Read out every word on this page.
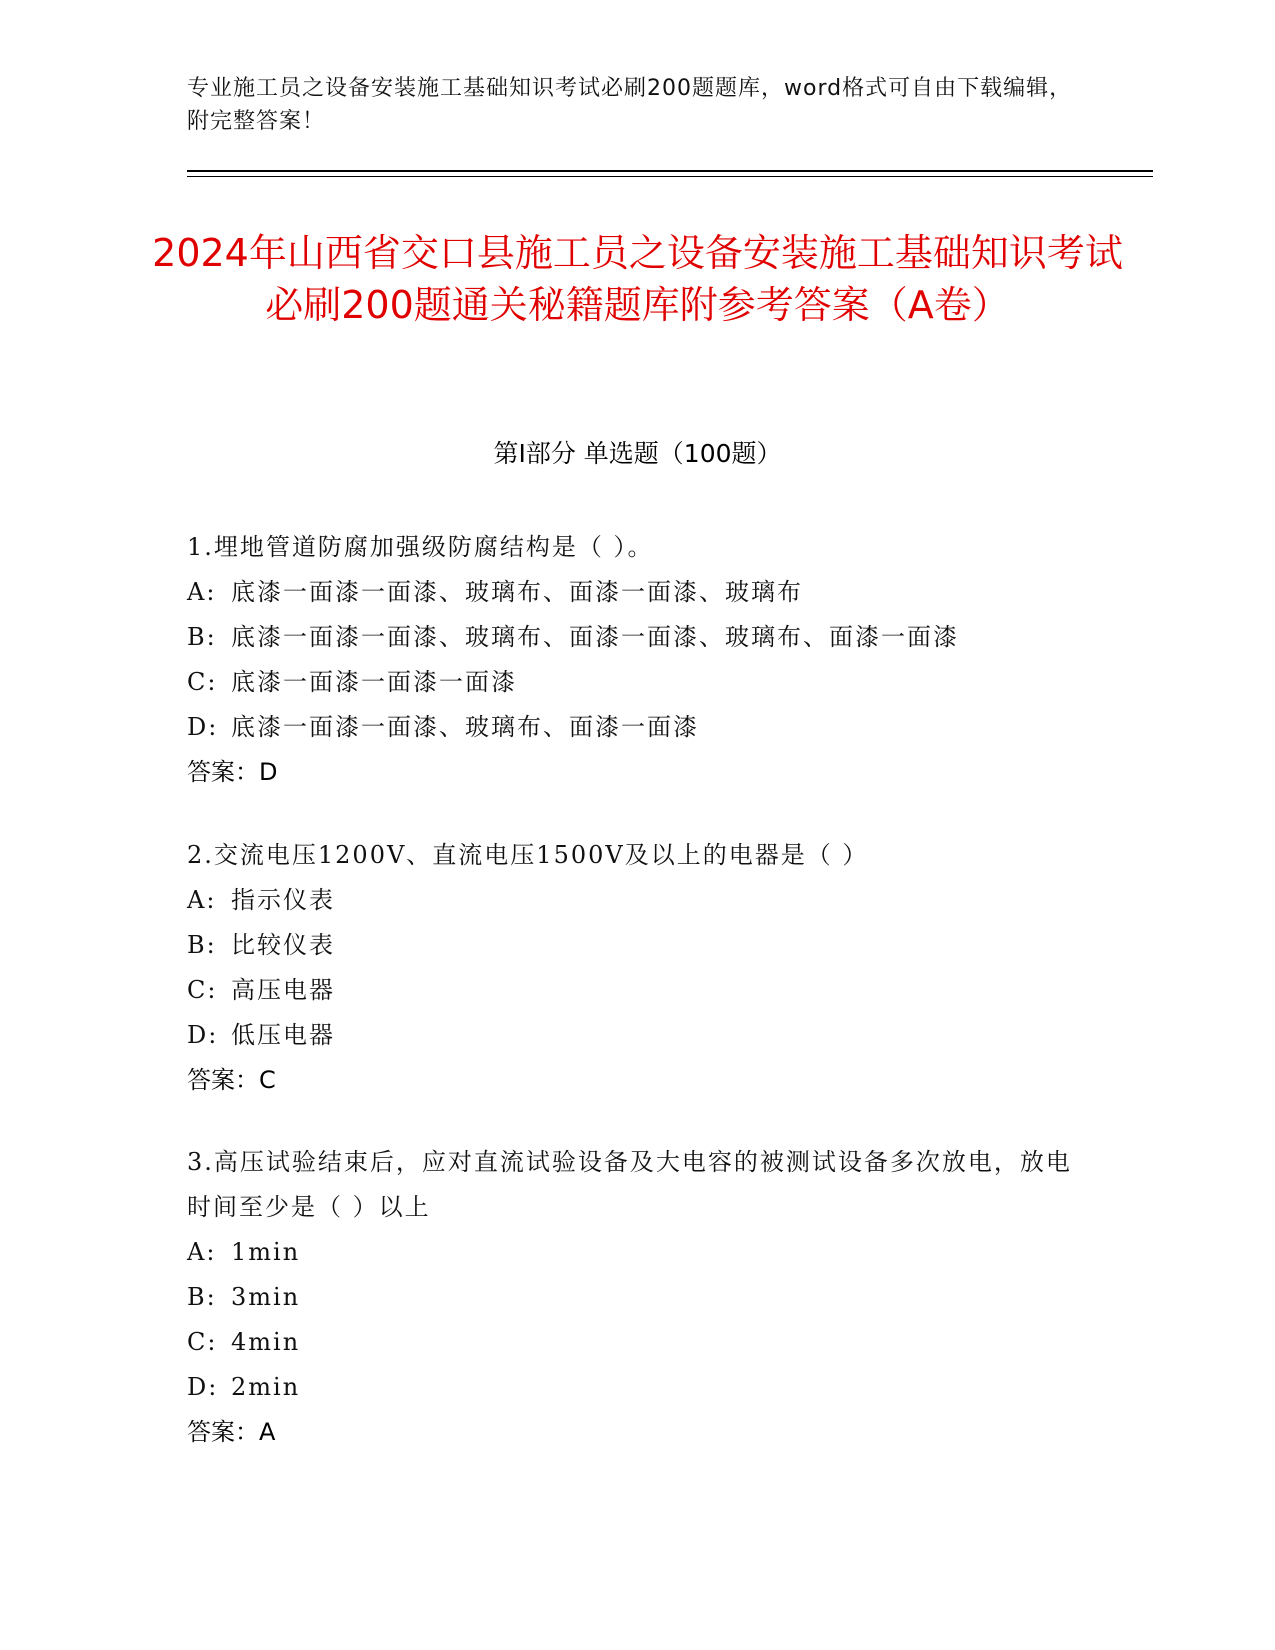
专业施工员之设备安装施工基础知识考试必刷200题题库，word格式可自由下载编辑，附完整答案！
2024年山西省交口县施工员之设备安装施工基础知识考试必刷200题通关秘籍题库附参考答案（A卷）
第Ⅰ部分 单选题（100题）
1.埋地管道防腐加强级防腐结构是（ ）。
A: 底漆一面漆一面漆、玻璃布、面漆一面漆、玻璃布
B: 底漆一面漆一面漆、玻璃布、面漆一面漆、玻璃布、面漆一面漆
C: 底漆一面漆一面漆一面漆
D: 底漆一面漆一面漆、玻璃布、面漆一面漆
答案：D
2.交流电压1200V、直流电压1500V及以上的电器是（ ）
A: 指示仪表
B: 比较仪表
C: 高压电器
D: 低压电器
答案：C
3.高压试验结束后，应对直流试验设备及大电容的被测试设备多次放电，放电时间至少是（ ）以上
A: 1min
B: 3min
C: 4min
D: 2min
答案：A
